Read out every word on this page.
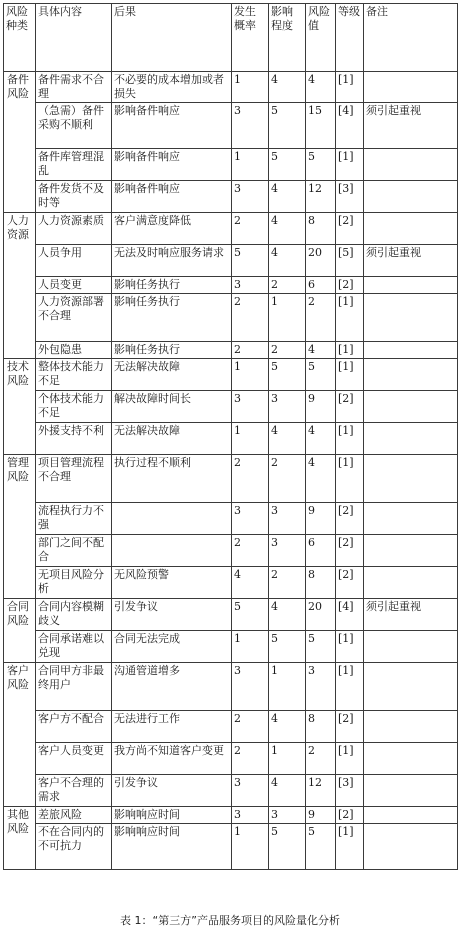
风险种类	具体内容	后果	发生概率	影响程度	风险值	等级	备注
备件风险	备件需求不合理	不必要的成本增加或者损失	1	4	4	[1]	
	（急需）备件采购不顺利	影响备件响应	3	5	15	[4]	须引起重视
	备件库管理混乱	影响备件响应	1	5	5	[1]	
	备件发货不及时等	影响备件响应	3	4	12	[3]	
人力资源	人力资源素质	客户满意度降低	2	4	8	[2]	
	人员争用	无法及时响应服务请求	5	4	20	[5]	须引起重视
	人员变更	影响任务执行	3	2	6	[2]	
	人力资源部署不合理	影响任务执行	2	1	2	[1]	
	外包隐患	影响任务执行	2	2	4	[1]	
技术风险	整体技术能力不足	无法解决故障	1	5	5	[1]	
	个体技术能力不足	解决故障时间长	3	3	9	[2]	
	外援支持不利	无法解决故障	1	4	4	[1]	
管理风险	项目管理流程不合理	执行过程不顺利	2	2	4	[1]	
	流程执行力不强		3	3	9	[2]	
	部门之间不配合		2	3	6	[2]	
	无项目风险分析	无风险预警	4	2	8	[2]	
合同风险	合同内容模糊歧义	引发争议	5	4	20	[4]	须引起重视
	合同承诺难以兑现	合同无法完成	1	5	5	[1]	
客户风险	合同甲方非最终用户	沟通管道增多	3	1	3	[1]	
	客户方不配合	无法进行工作	2	4	8	[2]	
	客户人员变更	我方尚不知道客户变更	2	1	2	[1]	
	客户不合理的需求	引发争议	3	4	12	[3]	
其他风险	差旅风险	影响响应时间	3	3	9	[2]	
	不在合同内的不可抗力	影响响应时间	1	5	5	[1]	
表 1：“第三方”产品服务项目的风险量化分析
